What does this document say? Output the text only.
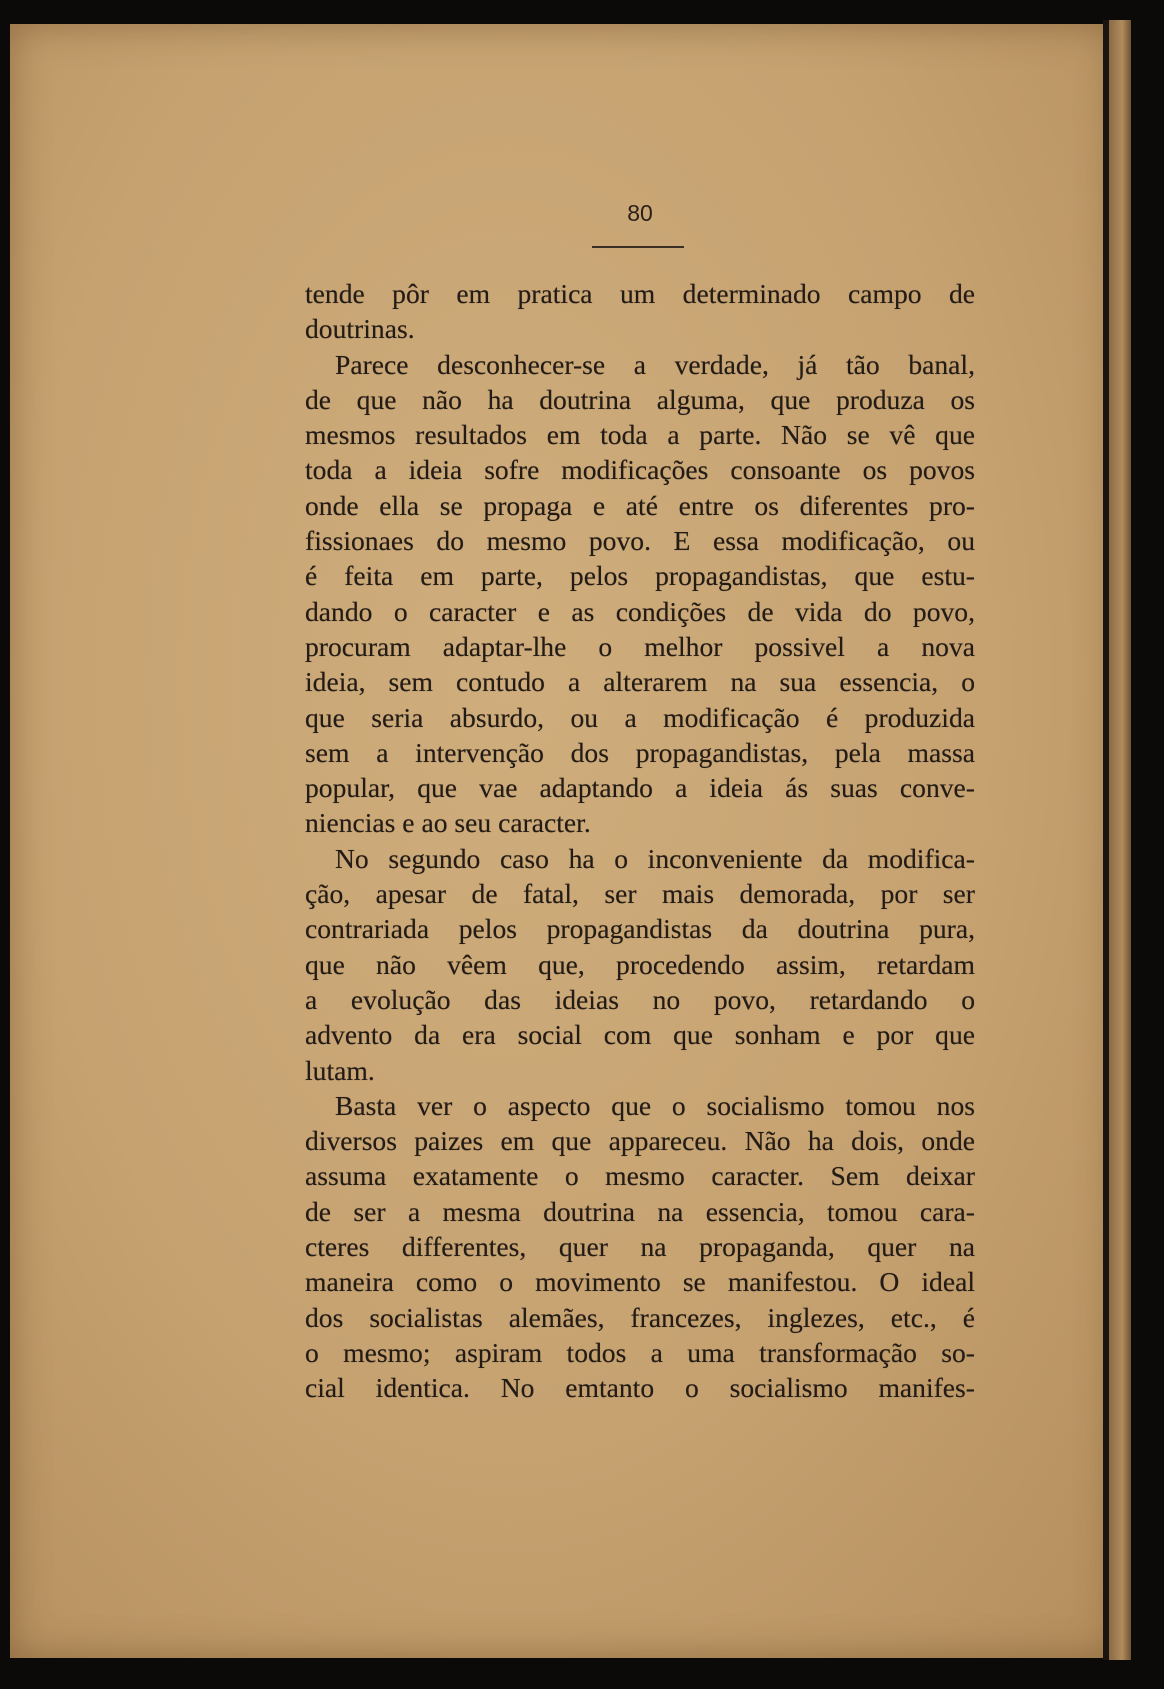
80

tende pôr em pratica um determinado campo de
doutrinas.
Parece desconhecer-se a verdade, já tão banal,
de que não ha doutrina alguma, que produza os
mesmos resultados em toda a parte. Não se vê que
toda a ideia sofre modificações consoante os povos
onde ella se propaga e até entre os diferentes pro-
fissionaes do mesmo povo. E essa modificação, ou
é feita em parte, pelos propagandistas, que estu-
dando o caracter e as condições de vida do povo,
procuram adaptar-lhe o melhor possivel a nova
ideia, sem contudo a alterarem na sua essencia, o
que seria absurdo, ou a modificação é produzida
sem a intervenção dos propagandistas, pela massa
popular, que vae adaptando a ideia ás suas conve-
niencias e ao seu caracter.
No segundo caso ha o inconveniente da modifica-
ção, apesar de fatal, ser mais demorada, por ser
contrariada pelos propagandistas da doutrina pura,
que não vêem que, procedendo assim, retardam
a evolução das ideias no povo, retardando o
advento da era social com que sonham e por que
lutam.
Basta ver o aspecto que o socialismo tomou nos
diversos paizes em que appareceu. Não ha dois, onde
assuma exatamente o mesmo caracter. Sem deixar
de ser a mesma doutrina na essencia, tomou cara-
cteres differentes, quer na propaganda, quer na
maneira como o movimento se manifestou. O ideal
dos socialistas alemães, francezes, inglezes, etc., é
o mesmo; aspiram todos a uma transformação so-
cial identica. No emtanto o socialismo manifes-
